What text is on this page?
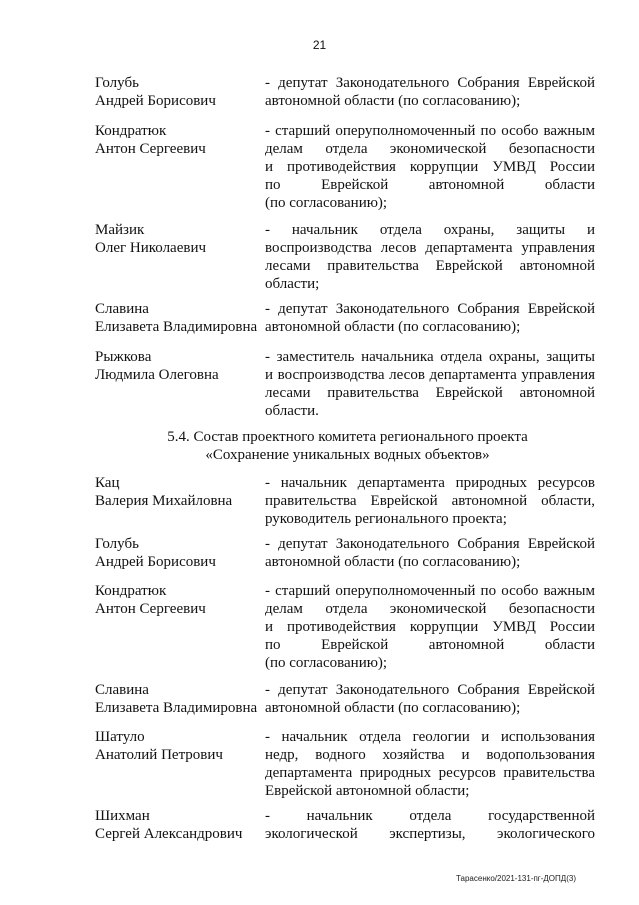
21
Голубь
Андрей Борисович
- депутат Законодательного Собрания Еврейской
автономной области (по согласованию);
Кондратюк
Антон Сергеевич
- старший оперуполномоченный по особо важным
делам отдела экономической безопасности
и противодействия коррупции УМВД России
по Еврейской автономной области
(по согласованию);
Майзик
Олег Николаевич
- начальник отдела охраны, защиты и
воспроизводства лесов департамента управления
лесами правительства Еврейской автономной
области;
Славина
Елизавета Владимировна
- депутат Законодательного Собрания Еврейской
автономной области (по согласованию);
Рыжкова
Людмила Олеговна
- заместитель начальника отдела охраны, защиты
и воспроизводства лесов департамента управления
лесами правительства Еврейской автономной
области.
5.4. Состав проектного комитета регионального проекта
«Сохранение уникальных водных объектов»
Кац
Валерия Михайловна
- начальник департамента природных ресурсов
правительства Еврейской автономной области,
руководитель регионального проекта;
Голубь
Андрей Борисович
- депутат Законодательного Собрания Еврейской
автономной области (по согласованию);
Кондратюк
Антон Сергеевич
- старший оперуполномоченный по особо важным
делам отдела экономической безопасности
и противодействия коррупции УМВД России
по Еврейской автономной области
(по согласованию);
Славина
Елизавета Владимировна
- депутат Законодательного Собрания Еврейской
автономной области (по согласованию);
Шатуло
Анатолий Петрович
- начальник отдела геологии и использования
недр, водного хозяйства и водопользования
департамента природных ресурсов правительства
Еврейской автономной области;
Шихман
Сергей Александрович
- начальник отдела государственной
экологической экспертизы, экологического
Тарасенко/2021-131-пг-ДОПД(3)
